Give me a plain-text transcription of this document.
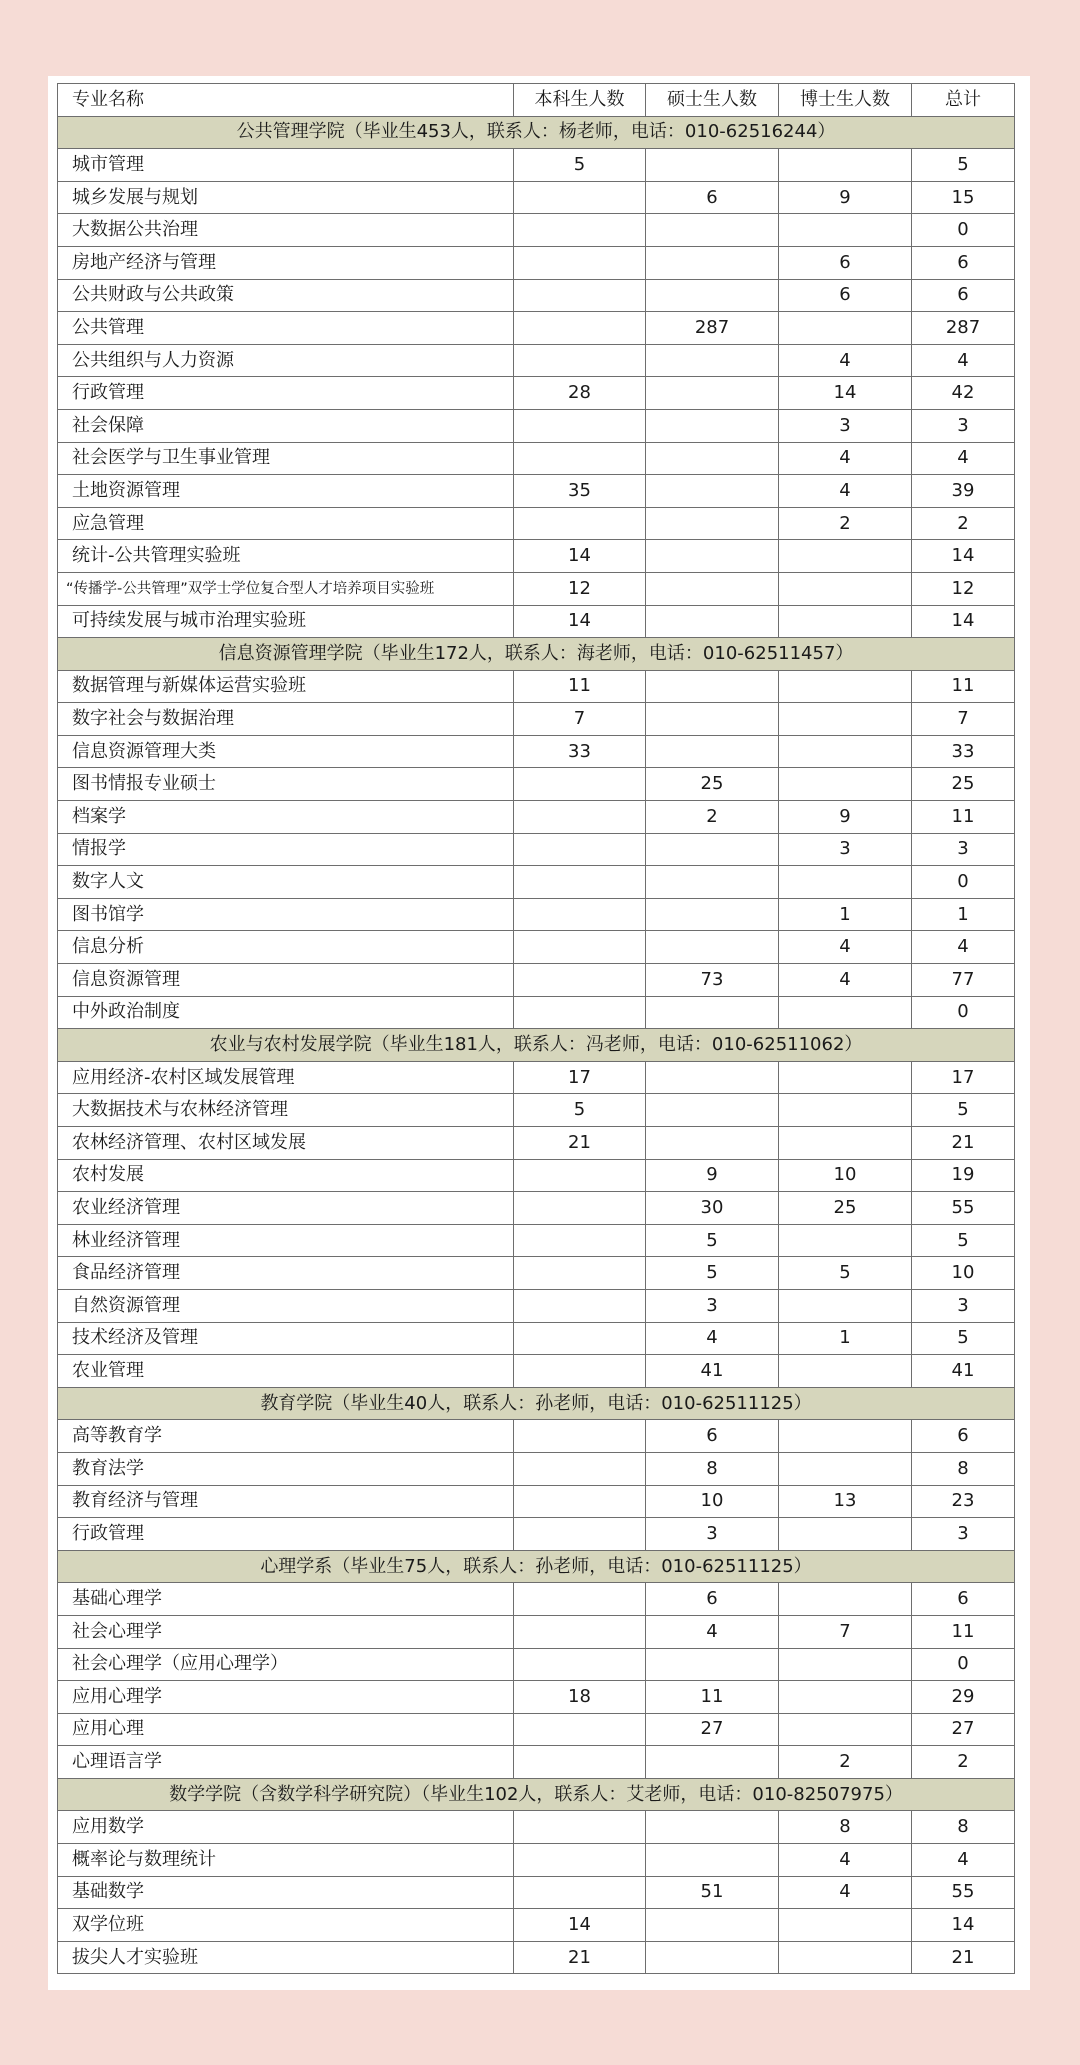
专业名称	本科生人数	硕士生人数	博士生人数	总计
公共管理学院（毕业生453人，联系人：杨老师，电话：010-62516244）				
城市管理	5			5
城乡发展与规划		6	9	15
大数据公共治理				0
房地产经济与管理			6	6
公共财政与公共政策			6	6
公共管理		287		287
公共组织与人力资源			4	4
行政管理	28		14	42
社会保障			3	3
社会医学与卫生事业管理			4	4
土地资源管理	35		4	39
应急管理			2	2
统计-公共管理实验班	14			14
“传播学-公共管理”双学士学位复合型人才培养项目实验班	12			12
可持续发展与城市治理实验班	14			14
信息资源管理学院（毕业生172人，联系人：海老师，电话：010-62511457）				
数据管理与新媒体运营实验班	11			11
数字社会与数据治理	7			7
信息资源管理大类	33			33
图书情报专业硕士		25		25
档案学		2	9	11
情报学			3	3
数字人文				0
图书馆学			1	1
信息分析			4	4
信息资源管理		73	4	77
中外政治制度				0
农业与农村发展学院（毕业生181人，联系人：冯老师，电话：010-62511062）				
应用经济-农村区域发展管理	17			17
大数据技术与农林经济管理	5			5
农林经济管理、农村区域发展	21			21
农村发展		9	10	19
农业经济管理		30	25	55
林业经济管理		5		5
食品经济管理		5	5	10
自然资源管理		3		3
技术经济及管理		4	1	5
农业管理		41		41
教育学院（毕业生40人，联系人：孙老师，电话：010-62511125）				
高等教育学		6		6
教育法学		8		8
教育经济与管理		10	13	23
行政管理		3		3
心理学系（毕业生75人，联系人：孙老师，电话：010-62511125）				
基础心理学		6		6
社会心理学		4	7	11
社会心理学（应用心理学）				0
应用心理学	18	11		29
应用心理		27		27
心理语言学			2	2
数学学院（含数学科学研究院）（毕业生102人，联系人：艾老师，电话：010-82507975）				
应用数学			8	8
概率论与数理统计			4	4
基础数学		51	4	55
双学位班	14			14
拔尖人才实验班	21			21
